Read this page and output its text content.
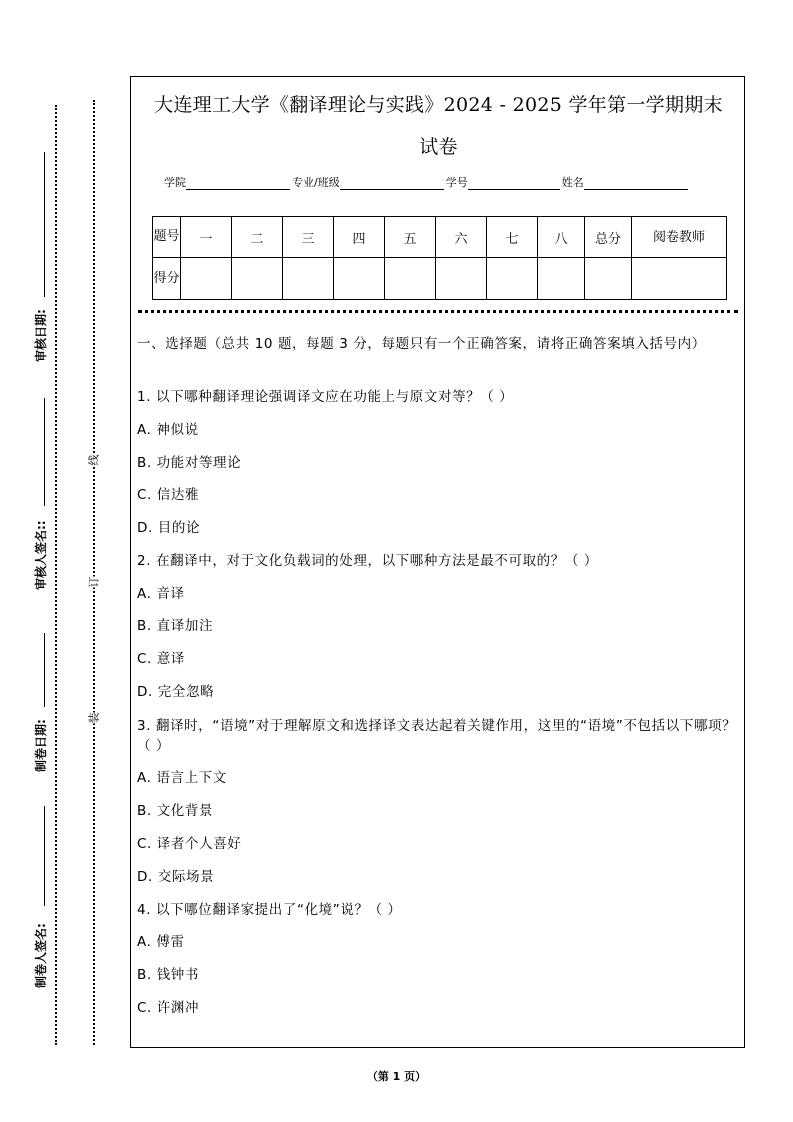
审核日期:
审核人签名::
制卷日期:
制卷人签名:
线
订
装
大连理工大学《翻译理论与实践》2024 - 2025 学年第一学期期末
试卷
学院	专业/班级	学号	姓名
题号	一	二	三	四	五	六	七	八	总分	阅卷教师
得分										
一、选择题（总共 10 题，每题 3 分，每题只有一个正确答案，请将正确答案填入括号内）
1. 以下哪种翻译理论强调译文应在功能上与原文对等？（ ）
A. 神似说
B. 功能对等理论
C. 信达雅
D. 目的论
2. 在翻译中，对于文化负载词的处理，以下哪种方法是最不可取的？（ ）
A. 音译
B. 直译加注
C. 意译
D. 完全忽略
3. 翻译时，“语境”对于理解原文和选择译文表达起着关键作用，这里的“语境”不包括以下哪项？（ ）
A. 语言上下文
B. 文化背景
C. 译者个人喜好
D. 交际场景
4. 以下哪位翻译家提出了“化境”说？（ ）
A. 傅雷
B. 钱钟书
C. 许渊冲
（第 1 页）
